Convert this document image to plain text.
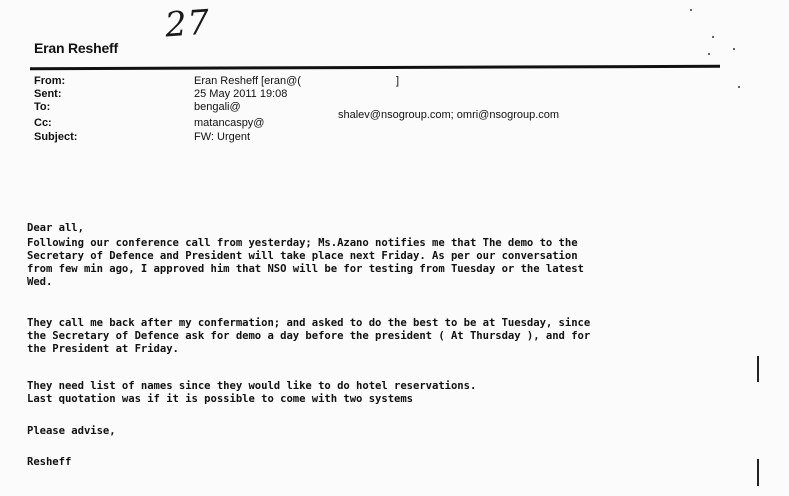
27
Eran Resheff
From:	Eran Resheff [eran@(	]
Sent:	25 May 2011 19:08
To:	bengali@
shalev@nsogroup.com; omri@nsogroup.com
Cc:	matancaspy@
Subject:	FW: Urgent

Dear all,

Following our conference call from yesterday; Ms.Azano notifies me that The demo to the

Secretary of Defence and President will take place next Friday. As per our conversation

from few min ago, I approved him that NSO will be for testing from Tuesday or the latest

Wed.

They call me back after my confermation; and asked to do the best to be at Tuesday, since

the Secretary of Defence ask for demo a day before the president ( At Thursday ), and for

the President at Friday.

They need list of names since they would like to do hotel reservations.

Last quotation was if it is possible to come with two systems

Please advise,

Resheff
